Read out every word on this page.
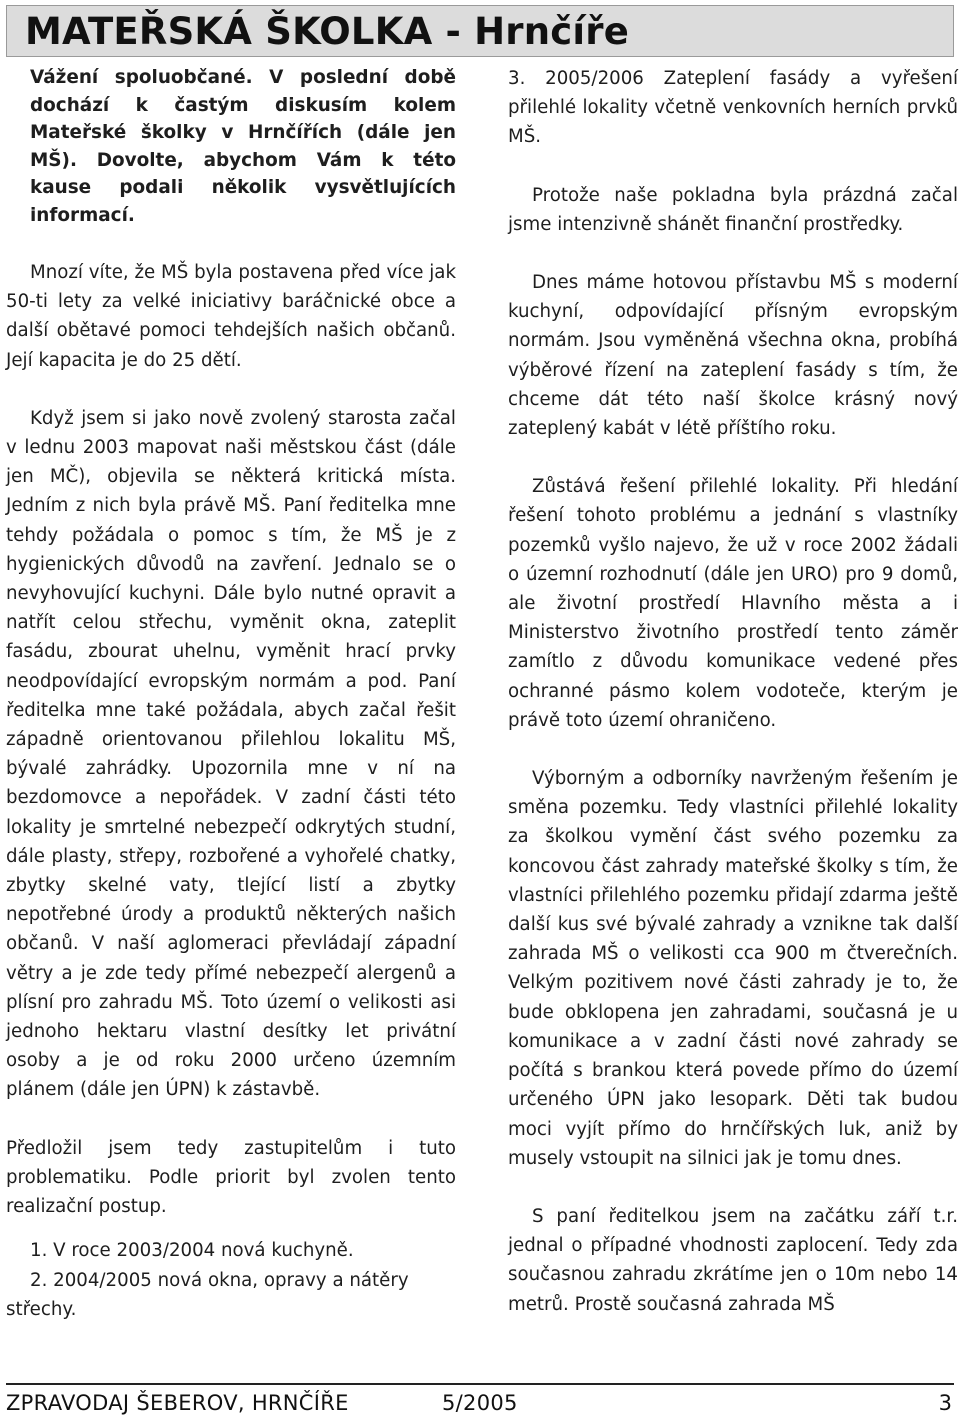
MATEŘSKÁ ŠKOLKA - Hrnčíře

Vážení spoluobčané. V poslední době dochází k častým diskusím kolem Mateřské školky v Hrnčířích (dále jen MŠ). Dovolte, abychom Vám k této kause podali několik vysvětlujících informací.

Mnozí víte, že MŠ byla postavena před více jak 50-ti lety za velké iniciativy baráčnické obce a další obětavé pomoci tehdejších našich občanů. Její kapacita je do 25 dětí.

Když jsem si jako nově zvolený starosta začal v lednu 2003 mapovat naši městskou část (dále jen MČ), objevila se některá kritická místa. Jedním z nich byla právě MŠ. Paní ředitelka mne tehdy požádala o pomoc s tím, že MŠ je z hygienických důvodů na zavření. Jednalo se o nevyhovující kuchyni. Dále bylo nutné opravit a natřít celou střechu, vyměnit okna, zateplit fasádu, zbourat uhelnu, vyměnit hrací prvky neodpovídající evropským normám a pod. Paní ředitelka mne také požádala, abych začal řešit západně orientovanou přilehlou lokalitu MŠ, bývalé zahrádky. Upozornila mne v ní na bezdomovce a nepořádek. V zadní části této lokality je smrtelné nebezpečí odkrytých studní, dále plasty, střepy, rozbořené a vyhořelé chatky, zbytky skelné vaty, tlející listí a zbytky nepotřebné úrody a produktů některých našich občanů. V naší aglomeraci převládají západní větry a je zde tedy přímé nebezpečí alergenů a plísní pro zahradu MŠ. Toto území o velikosti asi jednoho hektaru vlastní desítky let privátní osoby a je od roku 2000 určeno územním plánem (dále jen ÚPN) k zástavbě.

Předložil jsem tedy zastupitelům i tuto problematiku. Podle priorit byl zvolen tento realizační postup.

1. V roce 2003/2004 nová kuchyně.

2. 2004/2005 nová okna, opravy a nátěry střechy.

3. 2005/2006 Zateplení fasády a vyřešení přilehlé lokality včetně venkovních herních prvků MŠ.

Protože naše pokladna byla prázdná začal jsme intenzivně shánět finanční prostředky.

Dnes máme hotovou přístavbu MŠ s moderní kuchyní, odpovídající přísným evropským normám. Jsou vyměněná všechna okna, probíhá výběrové řízení na zateplení fasády s tím, že chceme dát této naší školce krásný nový zateplený kabát v létě příštího roku.

Zůstává řešení přilehlé lokality. Při hledání řešení tohoto problému a jednání s vlastníky pozemků vyšlo najevo, že už v roce 2002 žádali o územní rozhodnutí (dále jen URO) pro 9 domů, ale životní prostředí Hlavního města a i Ministerstvo životního prostředí tento záměr zamítlo z důvodu komunikace vedené přes ochranné pásmo kolem vodoteče, kterým je právě toto území ohraničeno.

Výborným a odborníky navrženým řešením je směna pozemku. Tedy vlastníci přilehlé lokality za školkou vymění část svého pozemku za koncovou část zahrady mateřské školky s tím, že vlastníci přilehlého pozemku přidají zdarma ještě další kus své bývalé zahrady a vznikne tak další zahrada MŠ o velikosti cca 900 m čtverečních. Velkým pozitivem nové části zahrady je to, že bude obklopena jen zahradami, současná je u komunikace a v zadní části nové zahrady se počítá s brankou která povede přímo do území určeného ÚPN jako lesopark. Děti tak budou moci vyjít přímo do hrnčířských luk, aniž by musely vstoupit na silnici jak je tomu dnes.

S paní ředitelkou jsem na začátku září t.r. jednal o případné vhodnosti zaplocení. Tedy zda současnou zahradu zkrátíme jen o 10m nebo 14 metrů. Prostě současná zahrada MŠ

ZPRAVODAJ ŠEBEROV, HRNČÍŘE	5/2005	3
